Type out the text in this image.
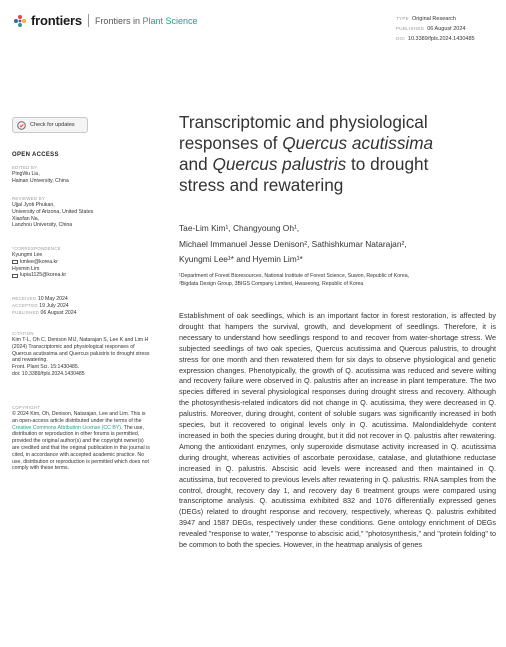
frontiers Frontiers in Plant Science	TYPE Original Research
PUBLISHED 06 August 2024
DOI 10.3389/fpls.2024.1430485
Check for updates
OPEN ACCESS
EDITED BY
PingWu Liu,
Hainan University, China
REVIEWED BY
Ujjal Jyoti Phukan,
University of Arizona, United States
Xiaofan Na,
Lanzhou University, China
*CORRESPONDENCE
Kyungmi Lee
kmlee@korea.kr
Hyemin Lim
lupia1125@korea.kr
RECEIVED 10 May 2024
ACCEPTED 19 July 2024
PUBLISHED 06 August 2024
CITATION
Kim T-L, Oh C, Denison MIJ, Natarajan S, Lee K and Lim H (2024) Transcriptomic and physiological responses of Quercus acutissima and Quercus palustris to drought stress and rewatering.
Front. Plant Sci. 15:1430485.
doi: 10.3389/fpls.2024.1430485
COPYRIGHT
© 2024 Kim, Oh, Denison, Natarajan, Lee and Lim. This is an open-access article distributed under the terms of the Creative Commons Attribution License (CC BY). The use, distribution or reproduction in other forums is permitted, provided the original author(s) and the copyright owner(s) are credited and that the original publication in this journal is cited, in accordance with accepted academic practice. No use, distribution or reproduction is permitted which does not comply with these terms.
Transcriptomic and physiological
responses of Quercus acutissima
and Quercus palustris to drought
stress and rewatering
Tae-Lim Kim¹, Changyoung Oh¹,
Michael Immanuel Jesse Denison², Sathishkumar Natarajan²,
Kyungmi Lee¹* and Hyemin Lim¹*
¹Department of Forest Bioresources, National Institute of Forest Science, Suwon, Republic of Korea,
²Bigdata Design Group, 3BIGS Company Limited, Hwaseong, Republic of Korea
Establishment of oak seedlings, which is an important factor in forest restoration, is affected by drought that hampers the survival, growth, and development of seedlings. Therefore, it is necessary to understand how seedlings respond to and recover from water-shortage stress. We subjected seedlings of two oak species, Quercus acutissima and Quercus palustris, to drought stress for one month and then rewatered them for six days to observe physiological and genetic expression changes. Phenotypically, the growth of Q. acutissima was reduced and severe wilting and recovery failure were observed in Q. palustris after an increase in plant temperature. The two species differed in several physiological responses during drought stress and recovery. Although the photosynthesis-related indicators did not change in Q. acutissima, they were decreased in Q. palustris. Moreover, during drought, content of soluble sugars was significantly increased in both species, but it recovered to original levels only in Q. acutissima. Malondialdehyde content increased in both the species during drought, but it did not recover in Q. palustris after rewatering. Among the antioxidant enzymes, only superoxide dismutase activity increased in Q. acutissima during drought, whereas activities of ascorbate peroxidase, catalase, and glutathione reductase increased in Q. palustris. Abscisic acid levels were increased and then maintained in Q. acutissima, but recovered to previous levels after rewatering in Q. palustris. RNA samples from the control, drought, recovery day 1, and recovery day 6 treatment groups were compared using transcriptome analysis. Q. acutissima exhibited 832 and 1076 differentially expressed genes (DEGs) related to drought response and recovery, respectively, whereas Q. palustris exhibited 3947 and 1587 DEGs, respectively under these conditions. Gene ontology enrichment of DEGs revealed "response to water," "response to abscisic acid," "photosynthesis," and "protein folding" to be common to both the species. However, in the heatmap analysis of genes
